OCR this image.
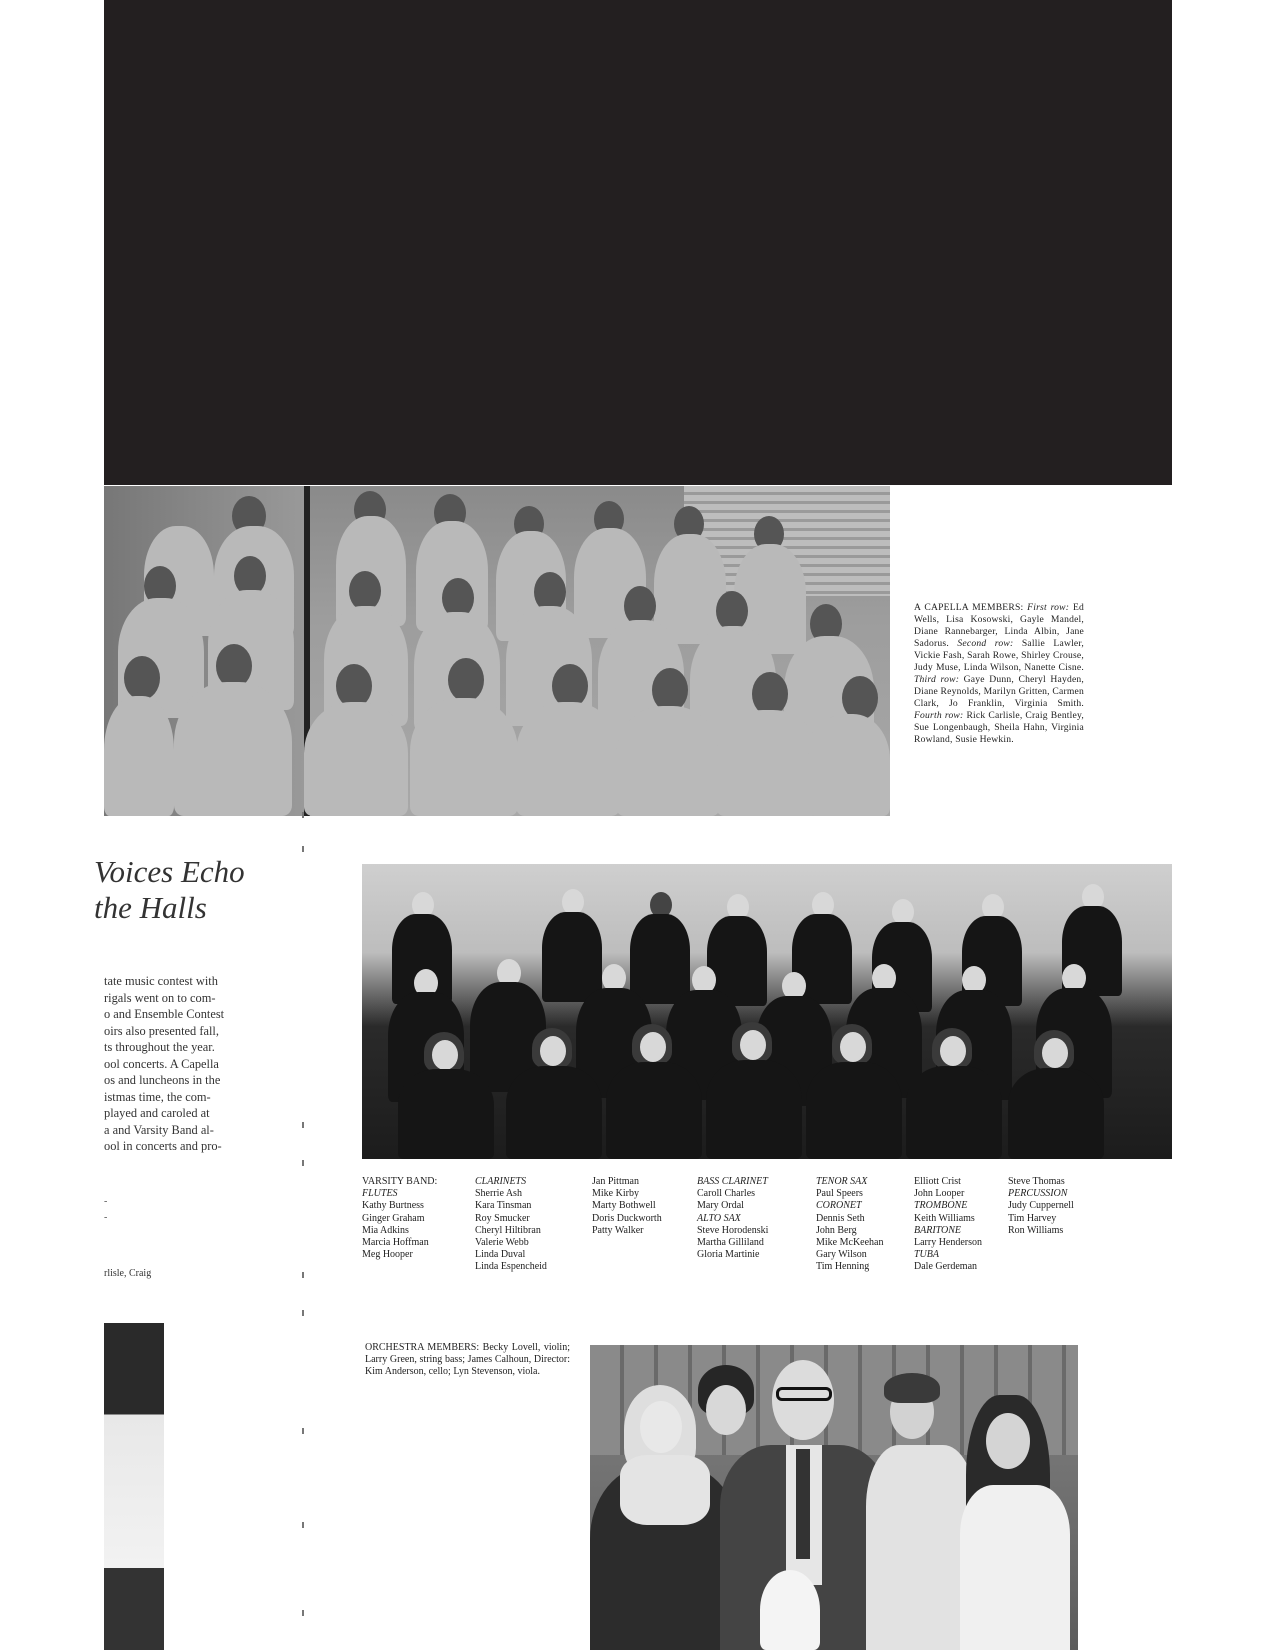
A CAPELLA MEMBERS: First row: Ed Wells, Lisa Kosowski, Gayle Mandel, Diane Rannebarger, Linda Albin, Jane Sadorus. Second row: Sallie Lawler, Vickie Fash, Sarah Rowe, Shirley Crouse, Judy Muse, Linda Wilson, Nanette Cisne. Third row: Gaye Dunn, Cheryl Hayden, Diane Reynolds, Marilyn Gritten, Carmen Clark, Jo Franklin, Virginia Smith. Fourth row: Rick Carlisle, Craig Bentley, Sue Longenbaugh, Sheila Hahn, Virginia Rowland, Susie Hewkin.
Voices Echo
the Halls
tate music contest with
rigals went on to com-
o and Ensemble Contest
oirs also presented fall,
ts throughout the year.
ool concerts. A Capella
os and luncheons in the
istmas time, the com-
played and caroled at
a and Varsity Band al-
ool in concerts and pro-
-
-
rlisle, Craig
VARSITY BAND:
FLUTES
Kathy Burtness
Ginger Graham
Mia Adkins
Marcia Hoffman
Meg Hooper
CLARINETS
Sherrie Ash
Kara Tinsman
Roy Smucker
Cheryl Hiltibran
Valerie Webb
Linda Duval
Linda Espencheid
Jan Pittman
Mike Kirby
Marty Bothwell
Doris Duckworth
Patty Walker
BASS CLARINET
Caroll Charles
Mary Ordal
ALTO SAX
Steve Horodenski
Martha Gilliland
Gloria Martinie
TENOR SAX
Paul Speers
CORONET
Dennis Seth
John Berg
Mike McKeehan
Gary Wilson
Tim Henning
Elliott Crist
John Looper
TROMBONE
Keith Williams
BARITONE
Larry Henderson
TUBA
Dale Gerdeman
Steve Thomas
PERCUSSION
Judy Cuppernell
Tim Harvey
Ron Williams
ORCHESTRA MEMBERS: Becky Lovell, violin; Larry Green, string bass; James Calhoun, Director: Kim Anderson, cello; Lyn Stevenson, viola.
